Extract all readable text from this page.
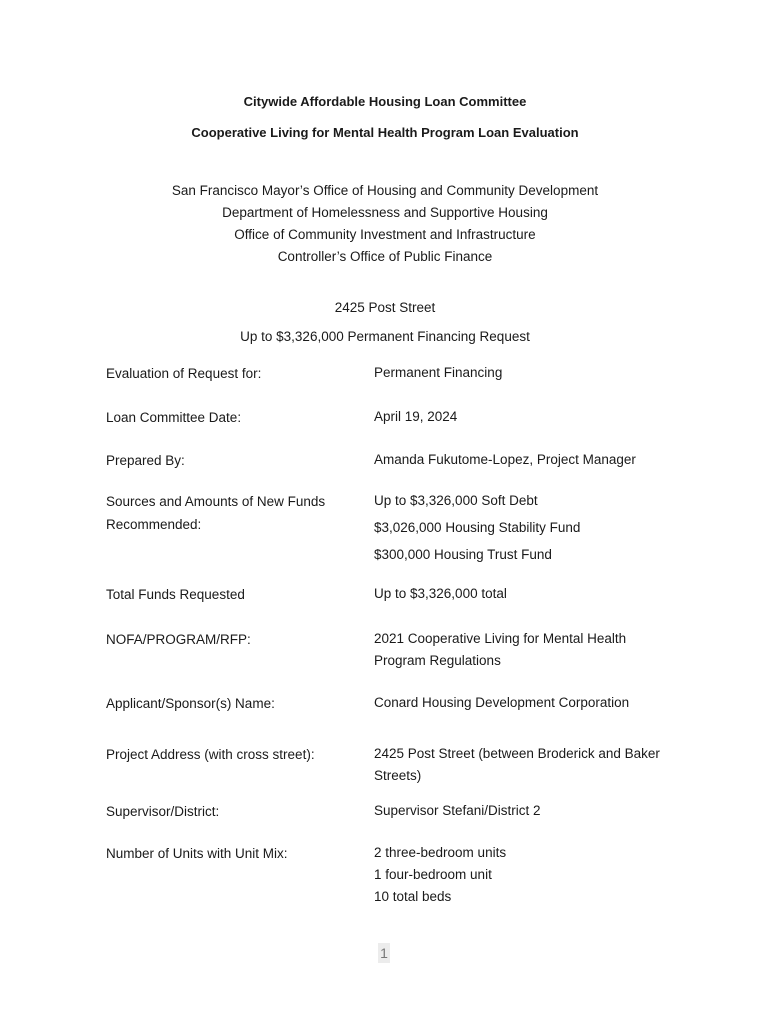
Citywide Affordable Housing Loan Committee
Cooperative Living for Mental Health Program Loan Evaluation
San Francisco Mayor’s Office of Housing and Community Development
Department of Homelessness and Supportive Housing
Office of Community Investment and Infrastructure
Controller’s Office of Public Finance
2425 Post Street
Up to $3,326,000 Permanent Financing Request
Evaluation of Request for:	Permanent Financing
Loan Committee Date:	April 19, 2024
Prepared By:	Amanda Fukutome-Lopez, Project Manager
Sources and Amounts of New Funds Recommended:
Up to $3,326,000 Soft Debt
$3,026,000 Housing Stability Fund
$300,000 Housing Trust Fund
Total Funds Requested	Up to $3,326,000 total
NOFA/PROGRAM/RFP:	2021 Cooperative Living for Mental Health Program Regulations
Applicant/Sponsor(s) Name:	Conard Housing Development Corporation
Project Address (with cross street):	2425 Post Street (between Broderick and Baker Streets)
Supervisor/District:	Supervisor Stefani/District 2
Number of Units with Unit Mix:	2 three-bedroom units
1 four-bedroom unit
10 total beds
1
